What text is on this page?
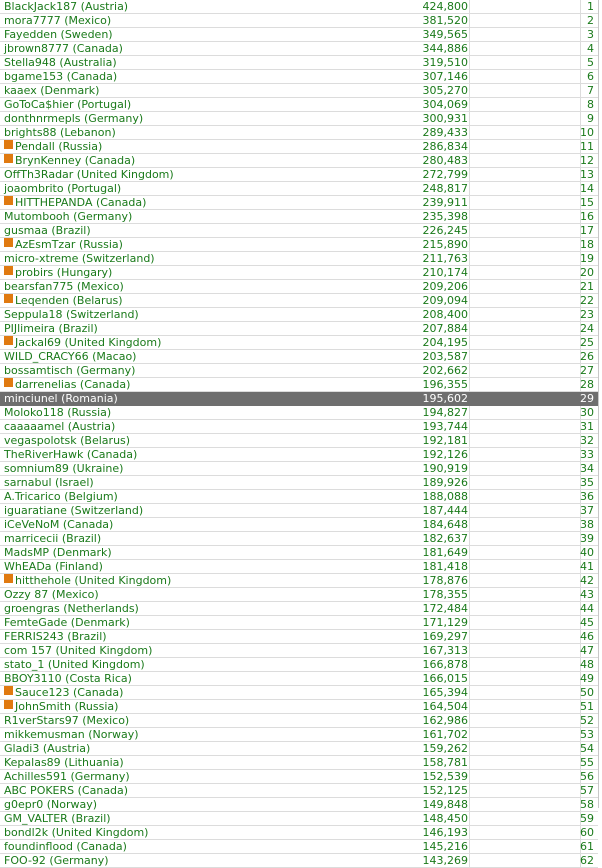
BlackJack187 (Austria)	424,800	1
mora7777 (Mexico)	381,520	2
Fayedden (Sweden)	349,565	3
jbrown8777 (Canada)	344,886	4
Stella948 (Australia)	319,510	5
bgame153 (Canada)	307,146	6
kaaex (Denmark)	305,270	7
GoToCa$hier (Portugal)	304,069	8
donthnrmepls (Germany)	300,931	9
brights88 (Lebanon)	289,433	10
Pendall (Russia)	286,834	11
BrynKenney (Canada)	280,483	12
OffTh3Radar (United Kingdom)	272,799	13
joaombrito (Portugal)	248,817	14
HITTHEPANDA (Canada)	239,911	15
Mutombooh (Germany)	235,398	16
gusmaa (Brazil)	226,245	17
AzEsmTzar (Russia)	215,890	18
micro-xtreme (Switzerland)	211,763	19
probirs (Hungary)	210,174	20
bearsfan775 (Mexico)	209,206	21
Leqenden (Belarus)	209,094	22
Seppula18 (Switzerland)	208,400	23
PIJlimeira (Brazil)	207,884	24
Jackal69 (United Kingdom)	204,195	25
WILD_CRACY66 (Macao)	203,587	26
bossamtisch (Germany)	202,662	27
darrenelias (Canada)	196,355	28
minciunel (Romania)	195,602	29
Moloko118 (Russia)	194,827	30
caaaaamel (Austria)	193,744	31
vegaspolotsk (Belarus)	192,181	32
TheRiverHawk (Canada)	192,126	33
somnium89 (Ukraine)	190,919	34
sarnabul (Israel)	189,926	35
A.Tricarico (Belgium)	188,088	36
iguaratiane (Switzerland)	187,444	37
iCeVeNoM (Canada)	184,648	38
marricecii (Brazil)	182,637	39
MadsMP (Denmark)	181,649	40
WhEADa (Finland)	181,418	41
hitthehole (United Kingdom)	178,876	42
Ozzy 87 (Mexico)	178,355	43
groengras (Netherlands)	172,484	44
FemteGade (Denmark)	171,129	45
FERRIS243 (Brazil)	169,297	46
com 157 (United Kingdom)	167,313	47
stato_1 (United Kingdom)	166,878	48
BBOY3110 (Costa Rica)	166,015	49
Sauce123 (Canada)	165,394	50
JohnSmith (Russia)	164,504	51
R1verStars97 (Mexico)	162,986	52
mikkemusman (Norway)	161,702	53
Gladi3 (Austria)	159,262	54
Kepalas89 (Lithuania)	158,781	55
Achilles591 (Germany)	152,539	56
ABC POKERS (Canada)	152,125	57
g0epr0 (Norway)	149,848	58
GM_VALTER (Brazil)	148,450	59
bondl2k (United Kingdom)	146,193	60
foundinflood (Canada)	145,216	61
FOO-92 (Germany)	143,269	62
